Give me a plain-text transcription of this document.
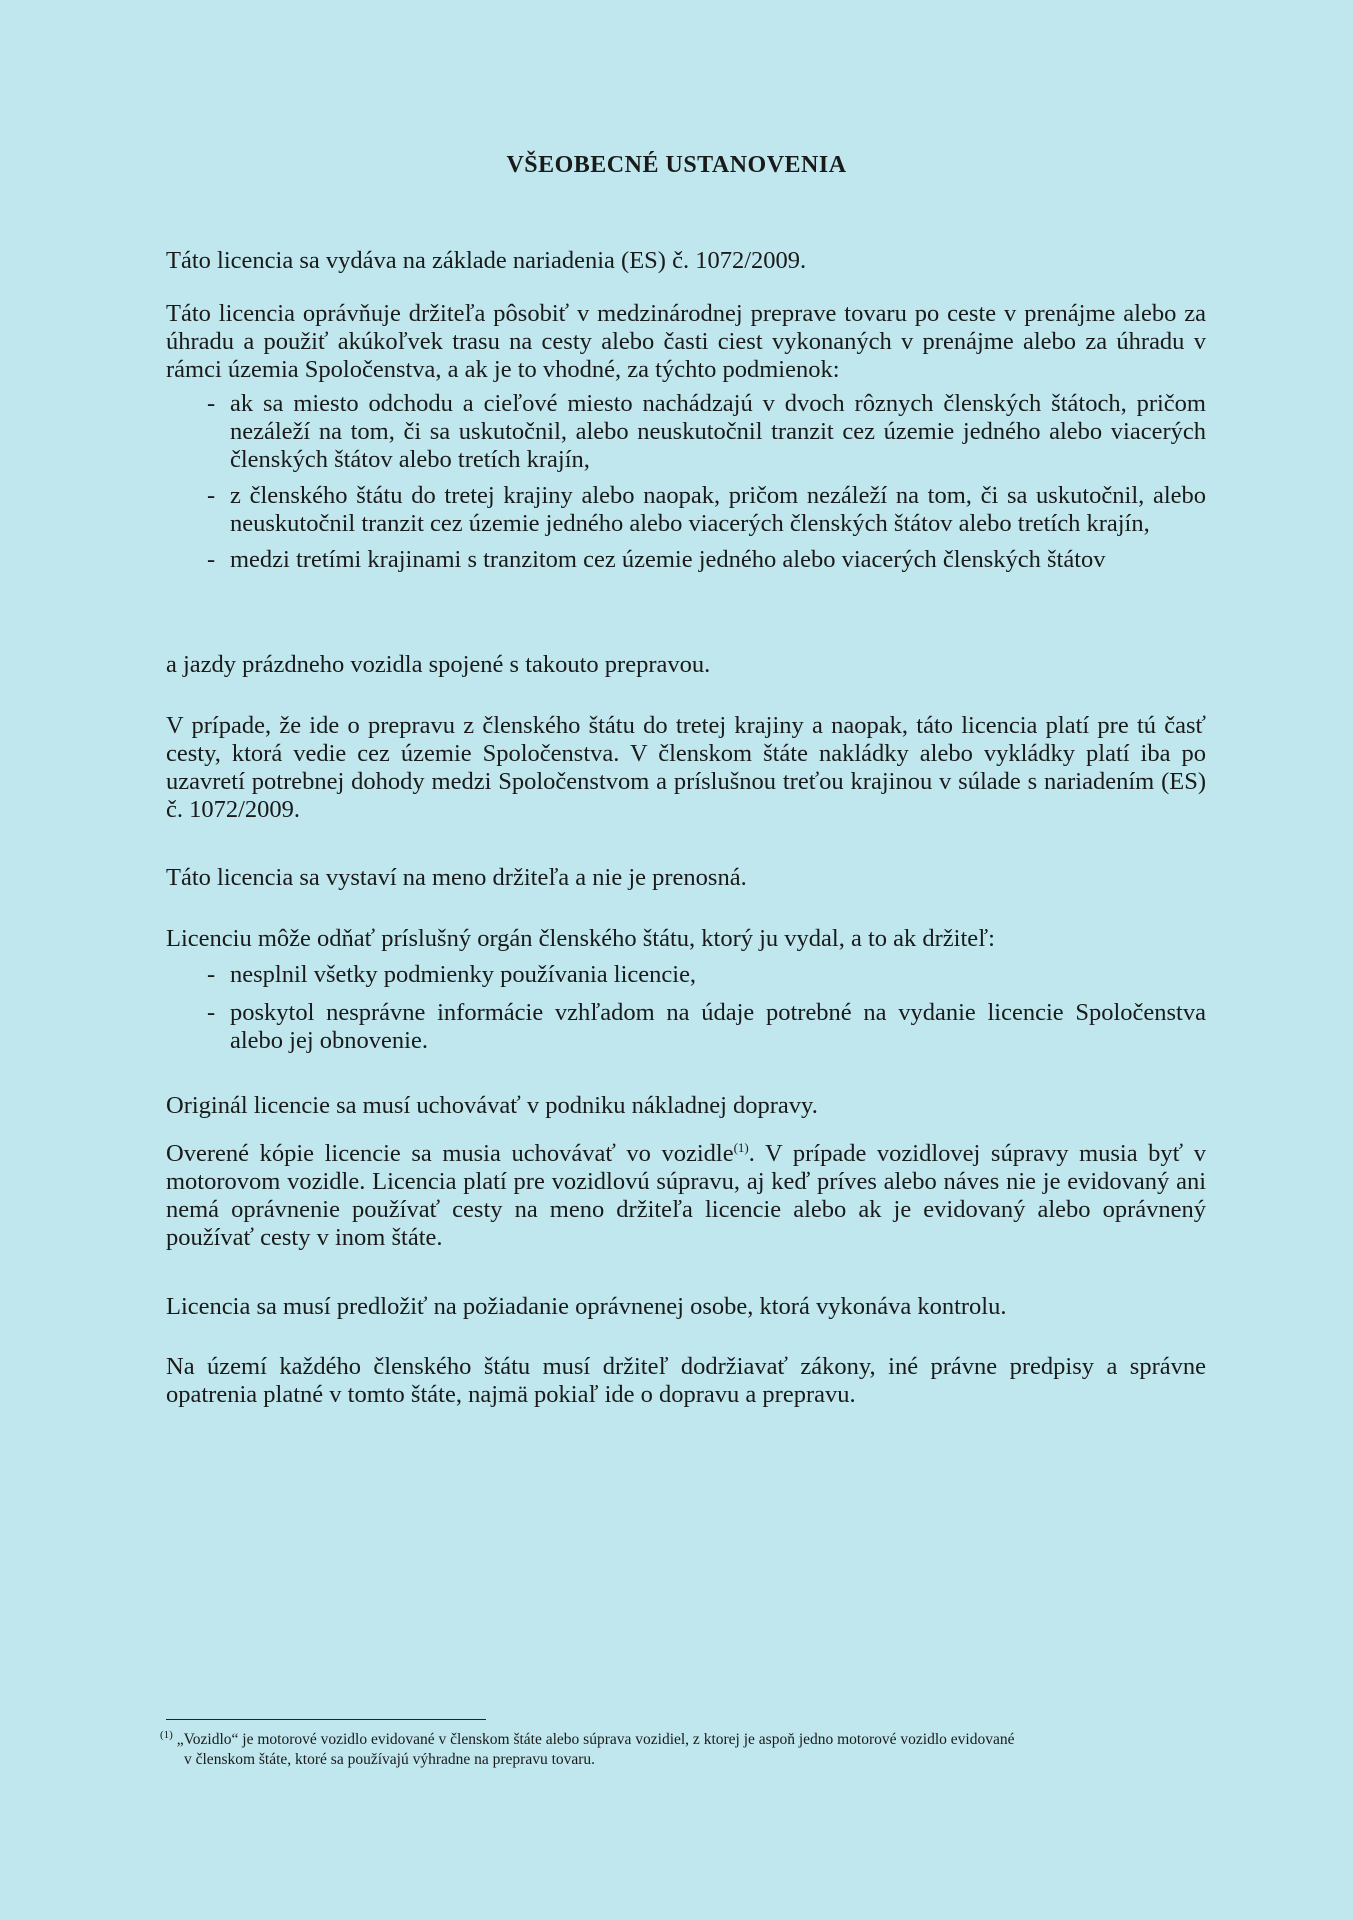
VŠEOBECNÉ USTANOVENIA

Táto licencia sa vydáva na základe nariadenia (ES) č. 1072/2009.

Táto licencia oprávňuje držiteľa pôsobiť v medzinárodnej preprave tovaru po ceste v prenájme alebo za úhradu a použiť akúkoľvek trasu na cesty alebo časti ciest vykonaných v prenájme alebo za úhradu v rámci územia Spoločenstva, a ak je to vhodné, za týchto podmienok:

- ak sa miesto odchodu a cieľové miesto nachádzajú v dvoch rôznych členských štátoch, pričom nezáleží na tom, či sa uskutočnil, alebo neuskutočnil tranzit cez územie jedného alebo viacerých členských štátov alebo tretích krajín,
- z členského štátu do tretej krajiny alebo naopak, pričom nezáleží na tom, či sa uskutočnil, alebo neuskutočnil tranzit cez územie jedného alebo viacerých členských štátov alebo tretích krajín,
- medzi tretími krajinami s tranzitom cez územie jedného alebo viacerých členských štátov

a jazdy prázdneho vozidla spojené s takouto prepravou.

V prípade, že ide o prepravu z členského štátu do tretej krajiny a naopak, táto licencia platí pre tú časť cesty, ktorá vedie cez územie Spoločenstva. V členskom štáte nakládky alebo vykládky platí iba po uzavretí potrebnej dohody medzi Spoločenstvom a príslušnou treťou krajinou v súlade s nariadením (ES) č. 1072/2009.

Táto licencia sa vystaví na meno držiteľa a nie je prenosná.

Licenciu môže odňať príslušný orgán členského štátu, ktorý ju vydal, a to ak držiteľ:

- nesplnil všetky podmienky používania licencie,
- poskytol nesprávne informácie vzhľadom na údaje potrebné na vydanie licencie Spoločenstva alebo jej obnovenie.

Originál licencie sa musí uchovávať v podniku nákladnej dopravy.

Overené kópie licencie sa musia uchovávať vo vozidle$^{(1)}$. V prípade vozidlovej súpravy musia byť v motorovom vozidle. Licencia platí pre vozidlovú súpravu, aj keď príves alebo náves nie je evidovaný ani nemá oprávnenie používať cesty na meno držiteľa licencie alebo ak je evidovaný alebo oprávnený používať cesty v inom štáte.

Licencia sa musí predložiť na požiadanie oprávnenej osobe, ktorá vykonáva kontrolu.

Na území každého členského štátu musí držiteľ dodržiavať zákony, iné právne predpisy a správne opatrenia platné v tomto štáte, najmä pokiaľ ide o dopravu a prepravu.

$^{(1)}$ „Vozidlo“ je motorové vozidlo evidované v členskom štáte alebo súprava vozidiel, z ktorej je aspoň jedno motorové vozidlo evidované
v členskom štáte, ktoré sa používajú výhradne na prepravu tovaru.
